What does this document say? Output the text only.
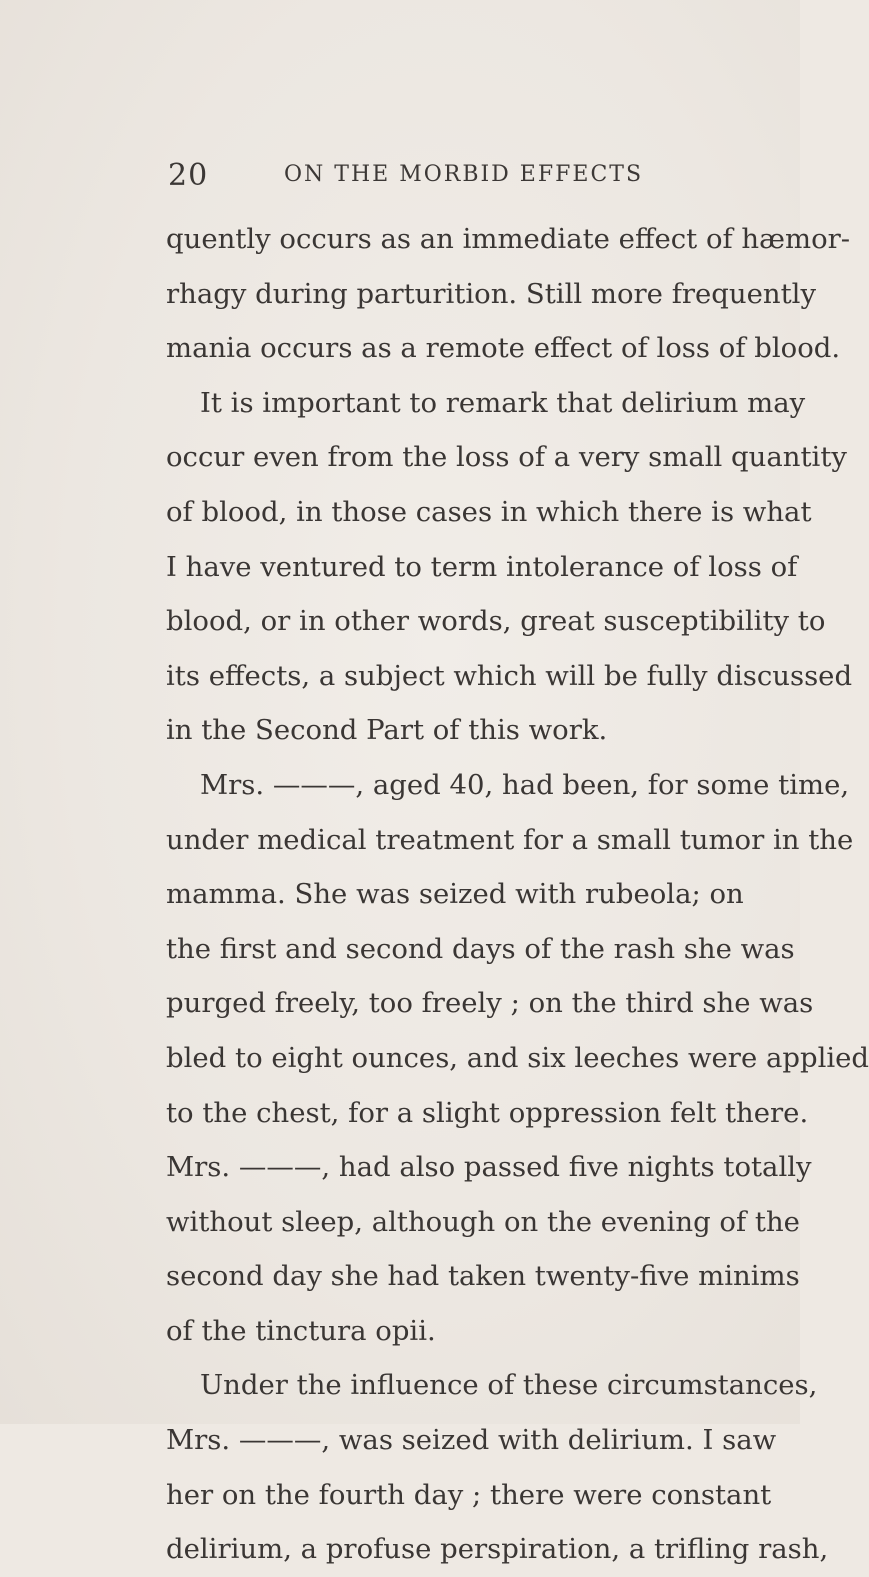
20	ON THE MORBID EFFECTS
quently occurs as an immediate effect of hæmor-
rhagy during parturition. Still more frequently
mania occurs as a remote effect of loss of blood.
It is important to remark that delirium may
occur even from the loss of a very small quantity
of blood, in those cases in which there is what
I have ventured to term intolerance of loss of
blood, or in other words, great susceptibility to
its effects, a subject which will be fully discussed
in the Second Part of this work.
Mrs. ———, aged 40, had been, for some time,
under medical treatment for a small tumor in the
mamma. She was seized with rubeola; on
the first and second days of the rash she was
purged freely, too freely ; on the third she was
bled to eight ounces, and six leeches were applied
to the chest, for a slight oppression felt there.
Mrs. ———, had also passed five nights totally
without sleep, although on the evening of the
second day she had taken twenty-five minims
of the tinctura opii.
Under the influence of these circumstances,
Mrs. ———, was seized with delirium. I saw
her on the fourth day ; there were constant
delirium, a profuse perspiration, a trifling rash,
